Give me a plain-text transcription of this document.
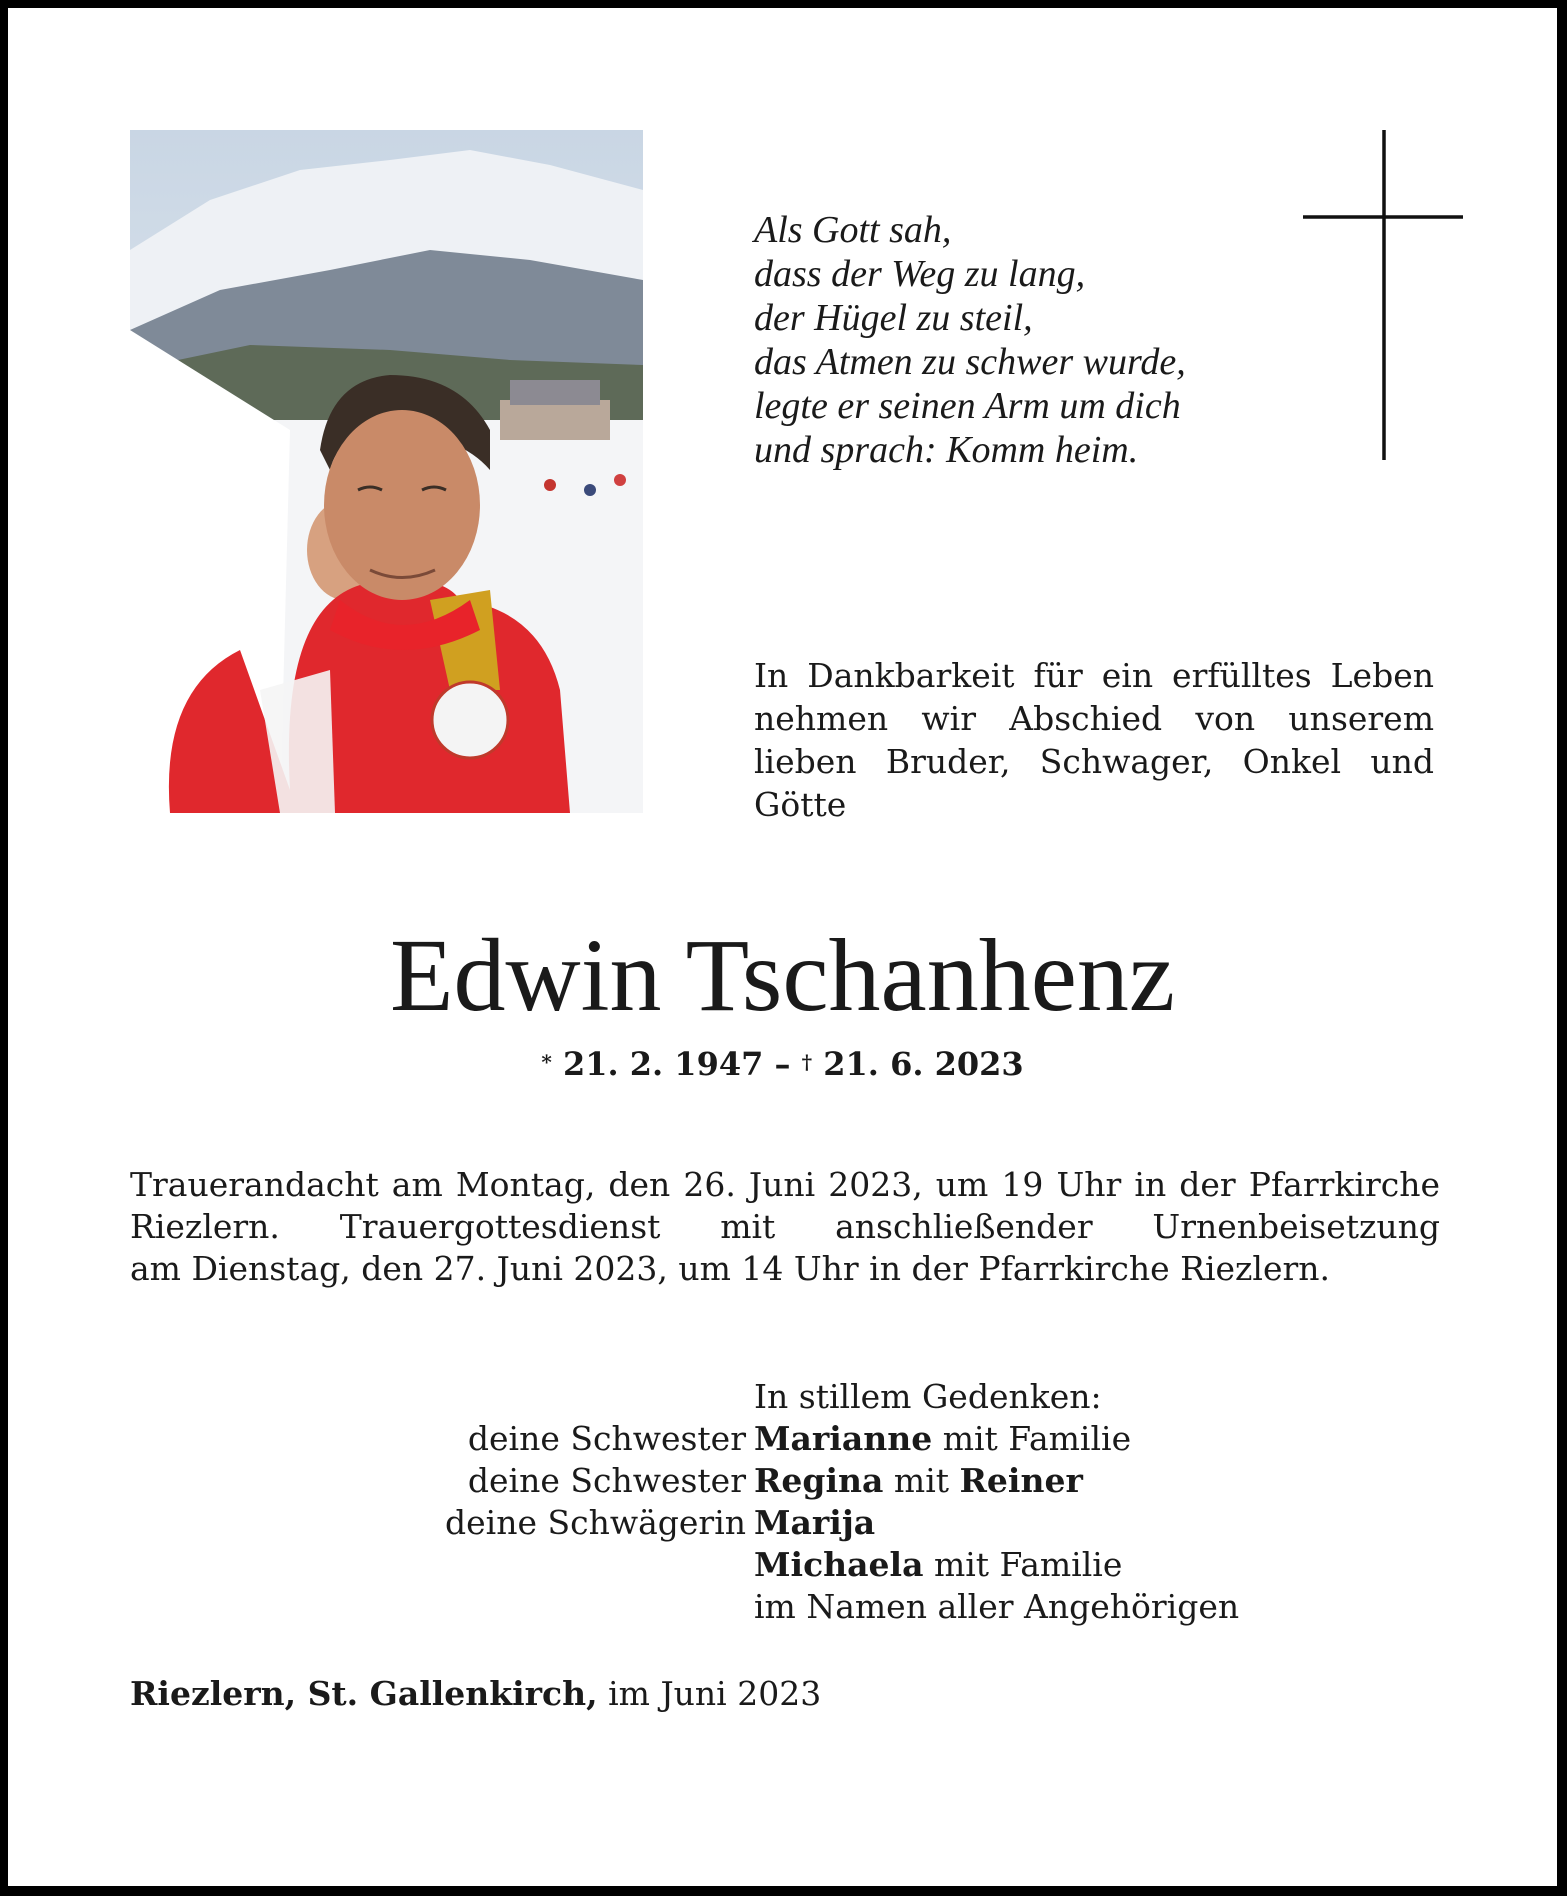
Als Gott sah,
dass der Weg zu lang,
der Hügel zu steil,
das Atmen zu schwer wurde,
legte er seinen Arm um dich
und sprach: Komm heim.
In Dankbarkeit für ein erfülltes Leben nehmen wir Abschied von unserem lieben Bruder, Schwager, Onkel und Götte
Edwin Tschanhenz
* 21. 2. 1947 – † 21. 6. 2023
Trauerandacht am Montag, den 26. Juni 2023, um 19 Uhr in der Pfarrkirche Riezlern. Trauergottesdienst mit anschließender Urnenbeisetzung
am Dienstag, den 27. Juni 2023, um 14 Uhr in der Pfarrkirche Riezlern.
In stillem Gedenken:
deine Schwester Marianne mit Familie
deine Schwester Regina mit Reiner
deine Schwägerin Marija
Michaela mit Familie
im Namen aller Angehörigen
Riezlern, St. Gallenkirch, im Juni 2023
